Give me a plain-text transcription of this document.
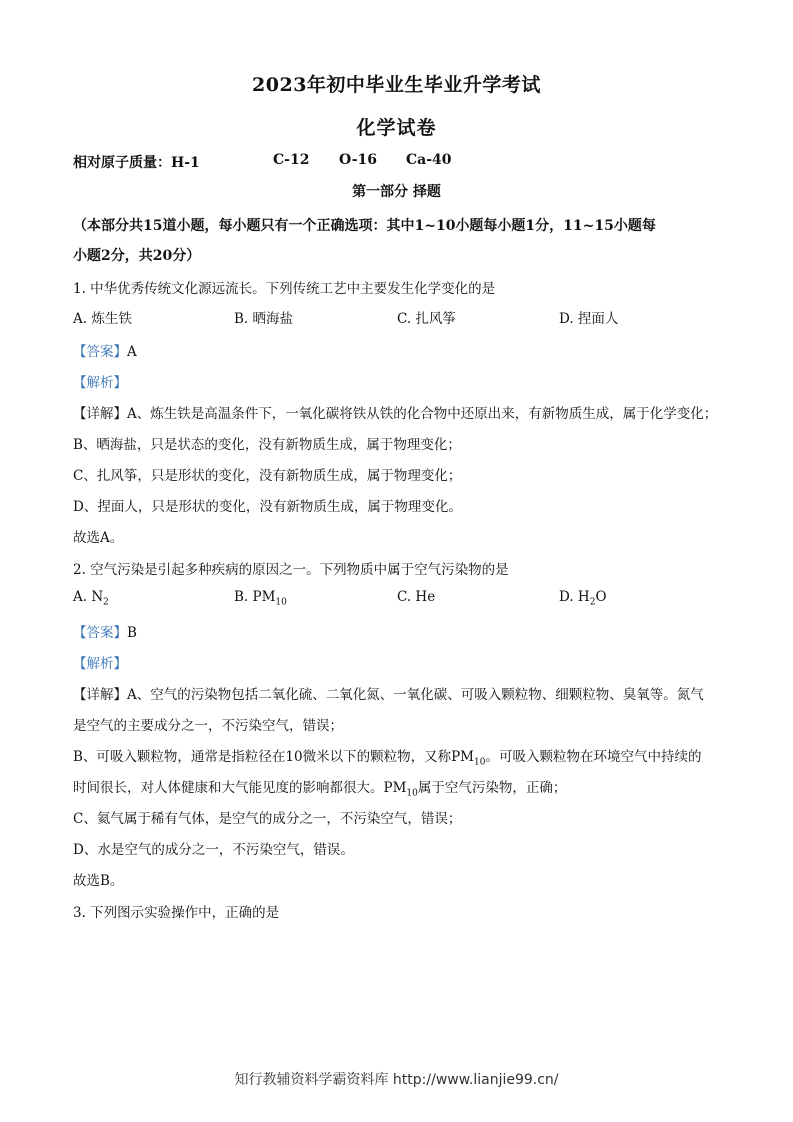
2023年初中毕业生毕业升学考试
化学试卷
相对原子质量：H-1	C-12 O-16 Ca-40
第一部分 择题
（本部分共15道小题，每小题只有一个正确选项：其中1~10小题每小题1分，11~15小题每
小题2分，共20分）
1. 中华优秀传统文化源远流长。下列传统工艺中主要发生化学变化的是
A. 炼生铁	B. 晒海盐	C. 扎风筝	D. 捏面人
【答案】A
【解析】
【详解】A、炼生铁是高温条件下，一氧化碳将铁从铁的化合物中还原出来，有新物质生成，属于化学变化；
B、晒海盐，只是状态的变化，没有新物质生成，属于物理变化；
C、扎风筝，只是形状的变化，没有新物质生成，属于物理变化；
D、捏面人，只是形状的变化，没有新物质生成，属于物理变化。
故选A。
2. 空气污染是引起多种疾病的原因之一。下列物质中属于空气污染物的是
A. $N_2$	B. $PM_{10}$	C. He	D. $H_2O$
【答案】B
【解析】
【详解】A、空气的污染物包括二氧化硫、二氧化氮、一氧化碳、可吸入颗粒物、细颗粒物、臭氧等。氮气
是空气的主要成分之一，不污染空气，错误；
B、可吸入颗粒物，通常是指粒径在10微米以下的颗粒物，又称$PM_{10}$。可吸入颗粒物在环境空气中持续的
时间很长，对人体健康和大气能见度的影响都很大。$PM_{10}$属于空气污染物，正确；
C、氦气属于稀有气体，是空气的成分之一，不污染空气，错误；
D、水是空气的成分之一，不污染空气，错误。
故选B。
3. 下列图示实验操作中，正确的是
知行教辅资料学霸资料库 http://www.lianjie99.cn/
